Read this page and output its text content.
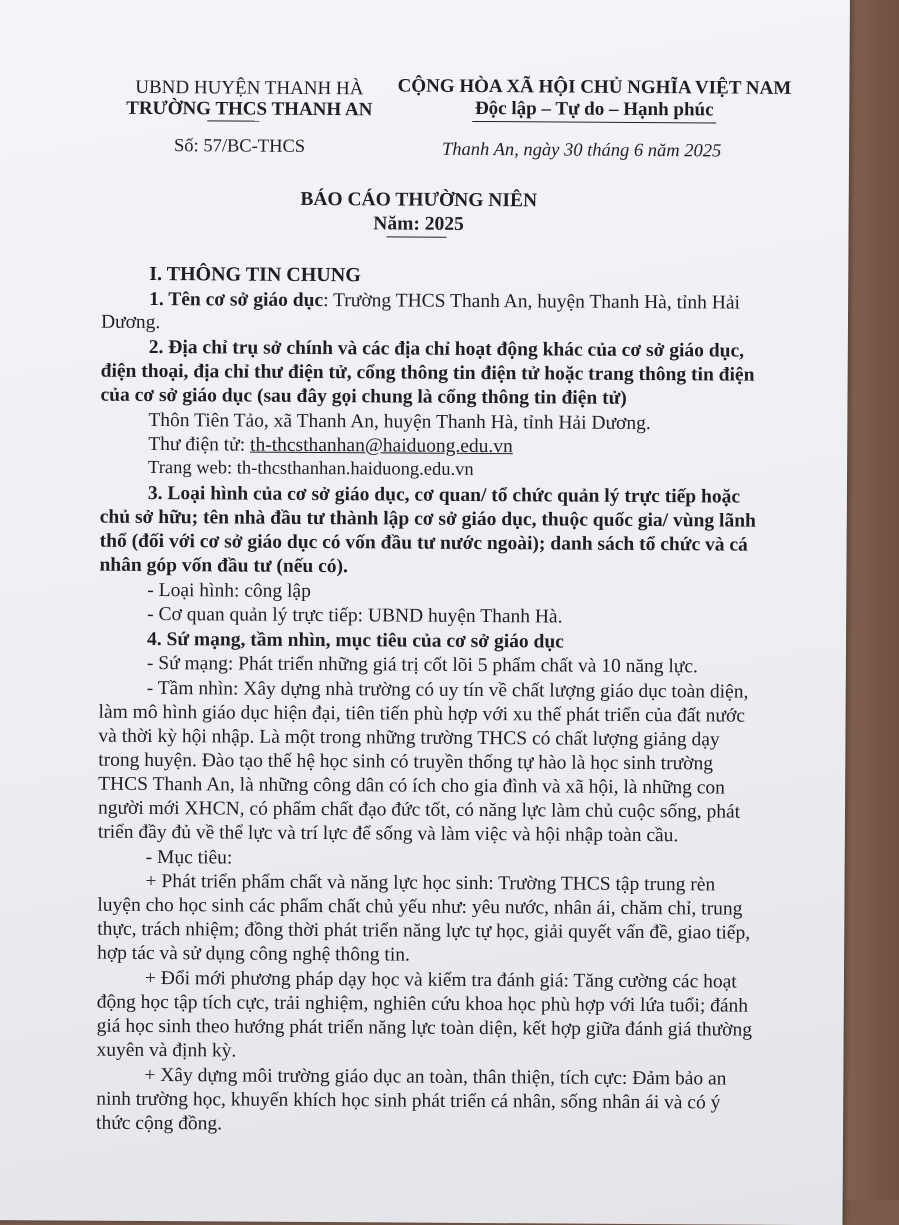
UBND HUYỆN THANH HÀ
TRƯỜNG THCS THANH AN
CỘNG HÒA XÃ HỘI CHỦ NGHĨA VIỆT NAM
Độc lập – Tự do – Hạnh phúc
Số: 57/BC-THCS	Thanh An, ngày 30 tháng 6 năm 2025
BÁO CÁO THƯỜNG NIÊN
Năm: 2025
I. THÔNG TIN CHUNG
1. Tên cơ sở giáo dục: Trường THCS Thanh An, huyện Thanh Hà, tỉnh Hải
Dương.
2. Địa chỉ trụ sở chính và các địa chỉ hoạt động khác của cơ sở giáo dục,
điện thoại, địa chỉ thư điện tử, cổng thông tin điện tử hoặc trang thông tin điện
của cơ sở giáo dục (sau đây gọi chung là cổng thông tin điện tử)
Thôn Tiên Tảo, xã Thanh An, huyện Thanh Hà, tỉnh Hải Dương.
Thư điện tử: th-thcsthanhan@haiduong.edu.vn
Trang web: th-thcsthanhan.haiduong.edu.vn
3. Loại hình của cơ sở giáo dục, cơ quan/ tổ chức quản lý trực tiếp hoặc
chủ sở hữu; tên nhà đầu tư thành lập cơ sở giáo dục, thuộc quốc gia/ vùng lãnh
thổ (đối với cơ sở giáo dục có vốn đầu tư nước ngoài); danh sách tổ chức và cá
nhân góp vốn đầu tư (nếu có).
- Loại hình: công lập
- Cơ quan quản lý trực tiếp: UBND huyện Thanh Hà.
4. Sứ mạng, tầm nhìn, mục tiêu của cơ sở giáo dục
- Sứ mạng: Phát triển những giá trị cốt lõi 5 phẩm chất và 10 năng lực.
- Tầm nhìn: Xây dựng nhà trường có uy tín về chất lượng giáo dục toàn diện,
làm mô hình giáo dục hiện đại, tiên tiến phù hợp với xu thế phát triển của đất nước
và thời kỳ hội nhập. Là một trong những trường THCS có chất lượng giảng dạy
trong huyện. Đào tạo thế hệ học sinh có truyền thống tự hào là học sinh trường
THCS Thanh An, là những công dân có ích cho gia đình và xã hội, là những con
người mới XHCN, có phẩm chất đạo đức tốt, có năng lực làm chủ cuộc sống, phát
triển đầy đủ về thể lực và trí lực để sống và làm việc và hội nhập toàn cầu.
- Mục tiêu:
+ Phát triển phẩm chất và năng lực học sinh: Trường THCS tập trung rèn
luyện cho học sinh các phẩm chất chủ yếu như: yêu nước, nhân ái, chăm chỉ, trung
thực, trách nhiệm; đồng thời phát triển năng lực tự học, giải quyết vấn đề, giao tiếp,
hợp tác và sử dụng công nghệ thông tin.
+ Đổi mới phương pháp dạy học và kiểm tra đánh giá: Tăng cường các hoạt
động học tập tích cực, trải nghiệm, nghiên cứu khoa học phù hợp với lứa tuổi; đánh
giá học sinh theo hướng phát triển năng lực toàn diện, kết hợp giữa đánh giá thường
xuyên và định kỳ.
+ Xây dựng môi trường giáo dục an toàn, thân thiện, tích cực: Đảm bảo an
ninh trường học, khuyến khích học sinh phát triển cá nhân, sống nhân ái và có ý
thức cộng đồng.
